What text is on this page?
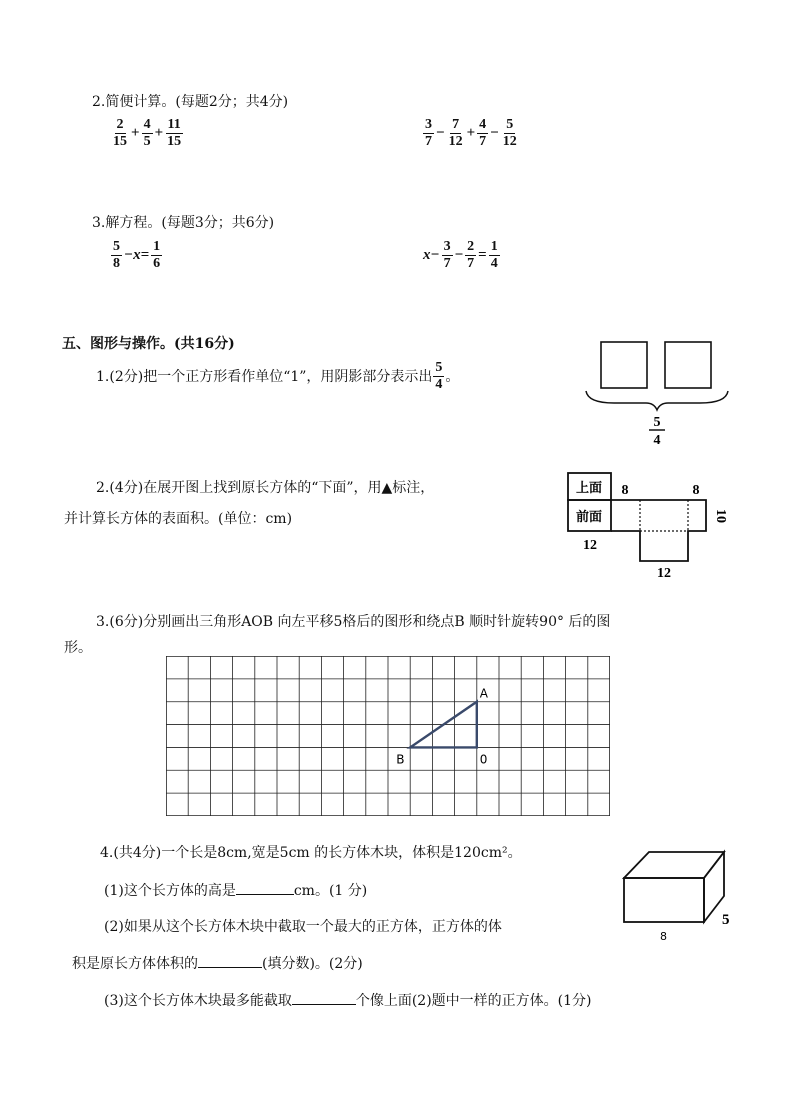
2.简便计算。(每题2分；共4分)
$\frac{2}{15} + \frac{4}{5} + \frac{11}{15}$	$\frac{3}{7} - \frac{7}{12} + \frac{4}{7} - \frac{5}{12}$
3.解方程。(每题3分；共6分)
$\frac{5}{8} -x= \frac{1}{6}$	$x- \frac{3}{7} - \frac{2}{7} = \frac{1}{4}$
五、图形与操作。(共16分)
1.(2分)把一个正方形看作单位“1”，用阴影部分表示出 $\frac{5}{4}$ 。
5
4
2.(4分)在展开图上找到原长方体的“下面”，用▲标注，
并计算长方体的表面积。(单位：cm)
上面
前面
8	8
10
12
12
3.(6分)分别画出三角形AOB 向左平移5格后的图形和绕点B 顺时针旋转90° 后的图
形。
A
B	0
4.(共4分)一个长是8cm,宽是5cm 的长方体木块，体积是120cm²。
(1)这个长方体的高是	cm。(1 分)
(2)如果从这个长方体木块中截取一个最大的正方体，正方体的体
积是原长方体体积的	(填分数)。(2分)
(3)这个长方体木块最多能截取	个像上面(2)题中一样的正方体。(1分)
5
8
